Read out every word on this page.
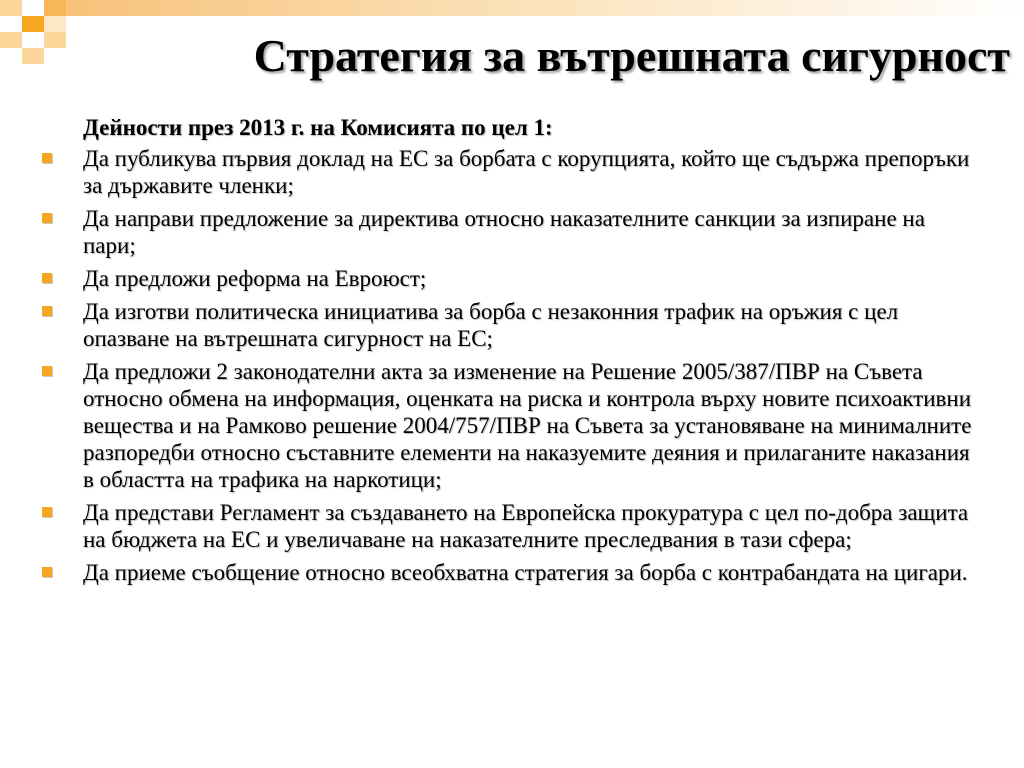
Стратегия за вътрешната сигурност
Дейности през 2013 г. на Комисията по цел 1:
Да публикува първия доклад на ЕС за борбата с корупцията, който ще съдържа препоръки за държавите членки;
Да направи предложение за директива относно наказателните санкции за изпиране на пари;
Да предложи реформа на Евроюст;
Да изготви политическа инициатива за борба с незаконния трафик на оръжия с цел опазване на вътрешната сигурност на ЕС;
Да предложи 2 законодателни акта за изменение на Решение 2005/387/ПВР на Съвета относно обмена на информация, оценката на риска и контрола върху новите психоактивни вещества и на Рамково решение 2004/757/ПВР на Съвета за установяване на минималните разпоредби относно съставните елементи на наказуемите деяния и прилаганите наказания в областта на трафика на наркотици;
Да представи Регламент за създаването на Европейска прокуратура с цел по-добра защита на бюджета на ЕС и увеличаване на наказателните преследвания в тази сфера;
Да приеме съобщение относно всеобхватна стратегия за борба с контрабандата на цигари.
